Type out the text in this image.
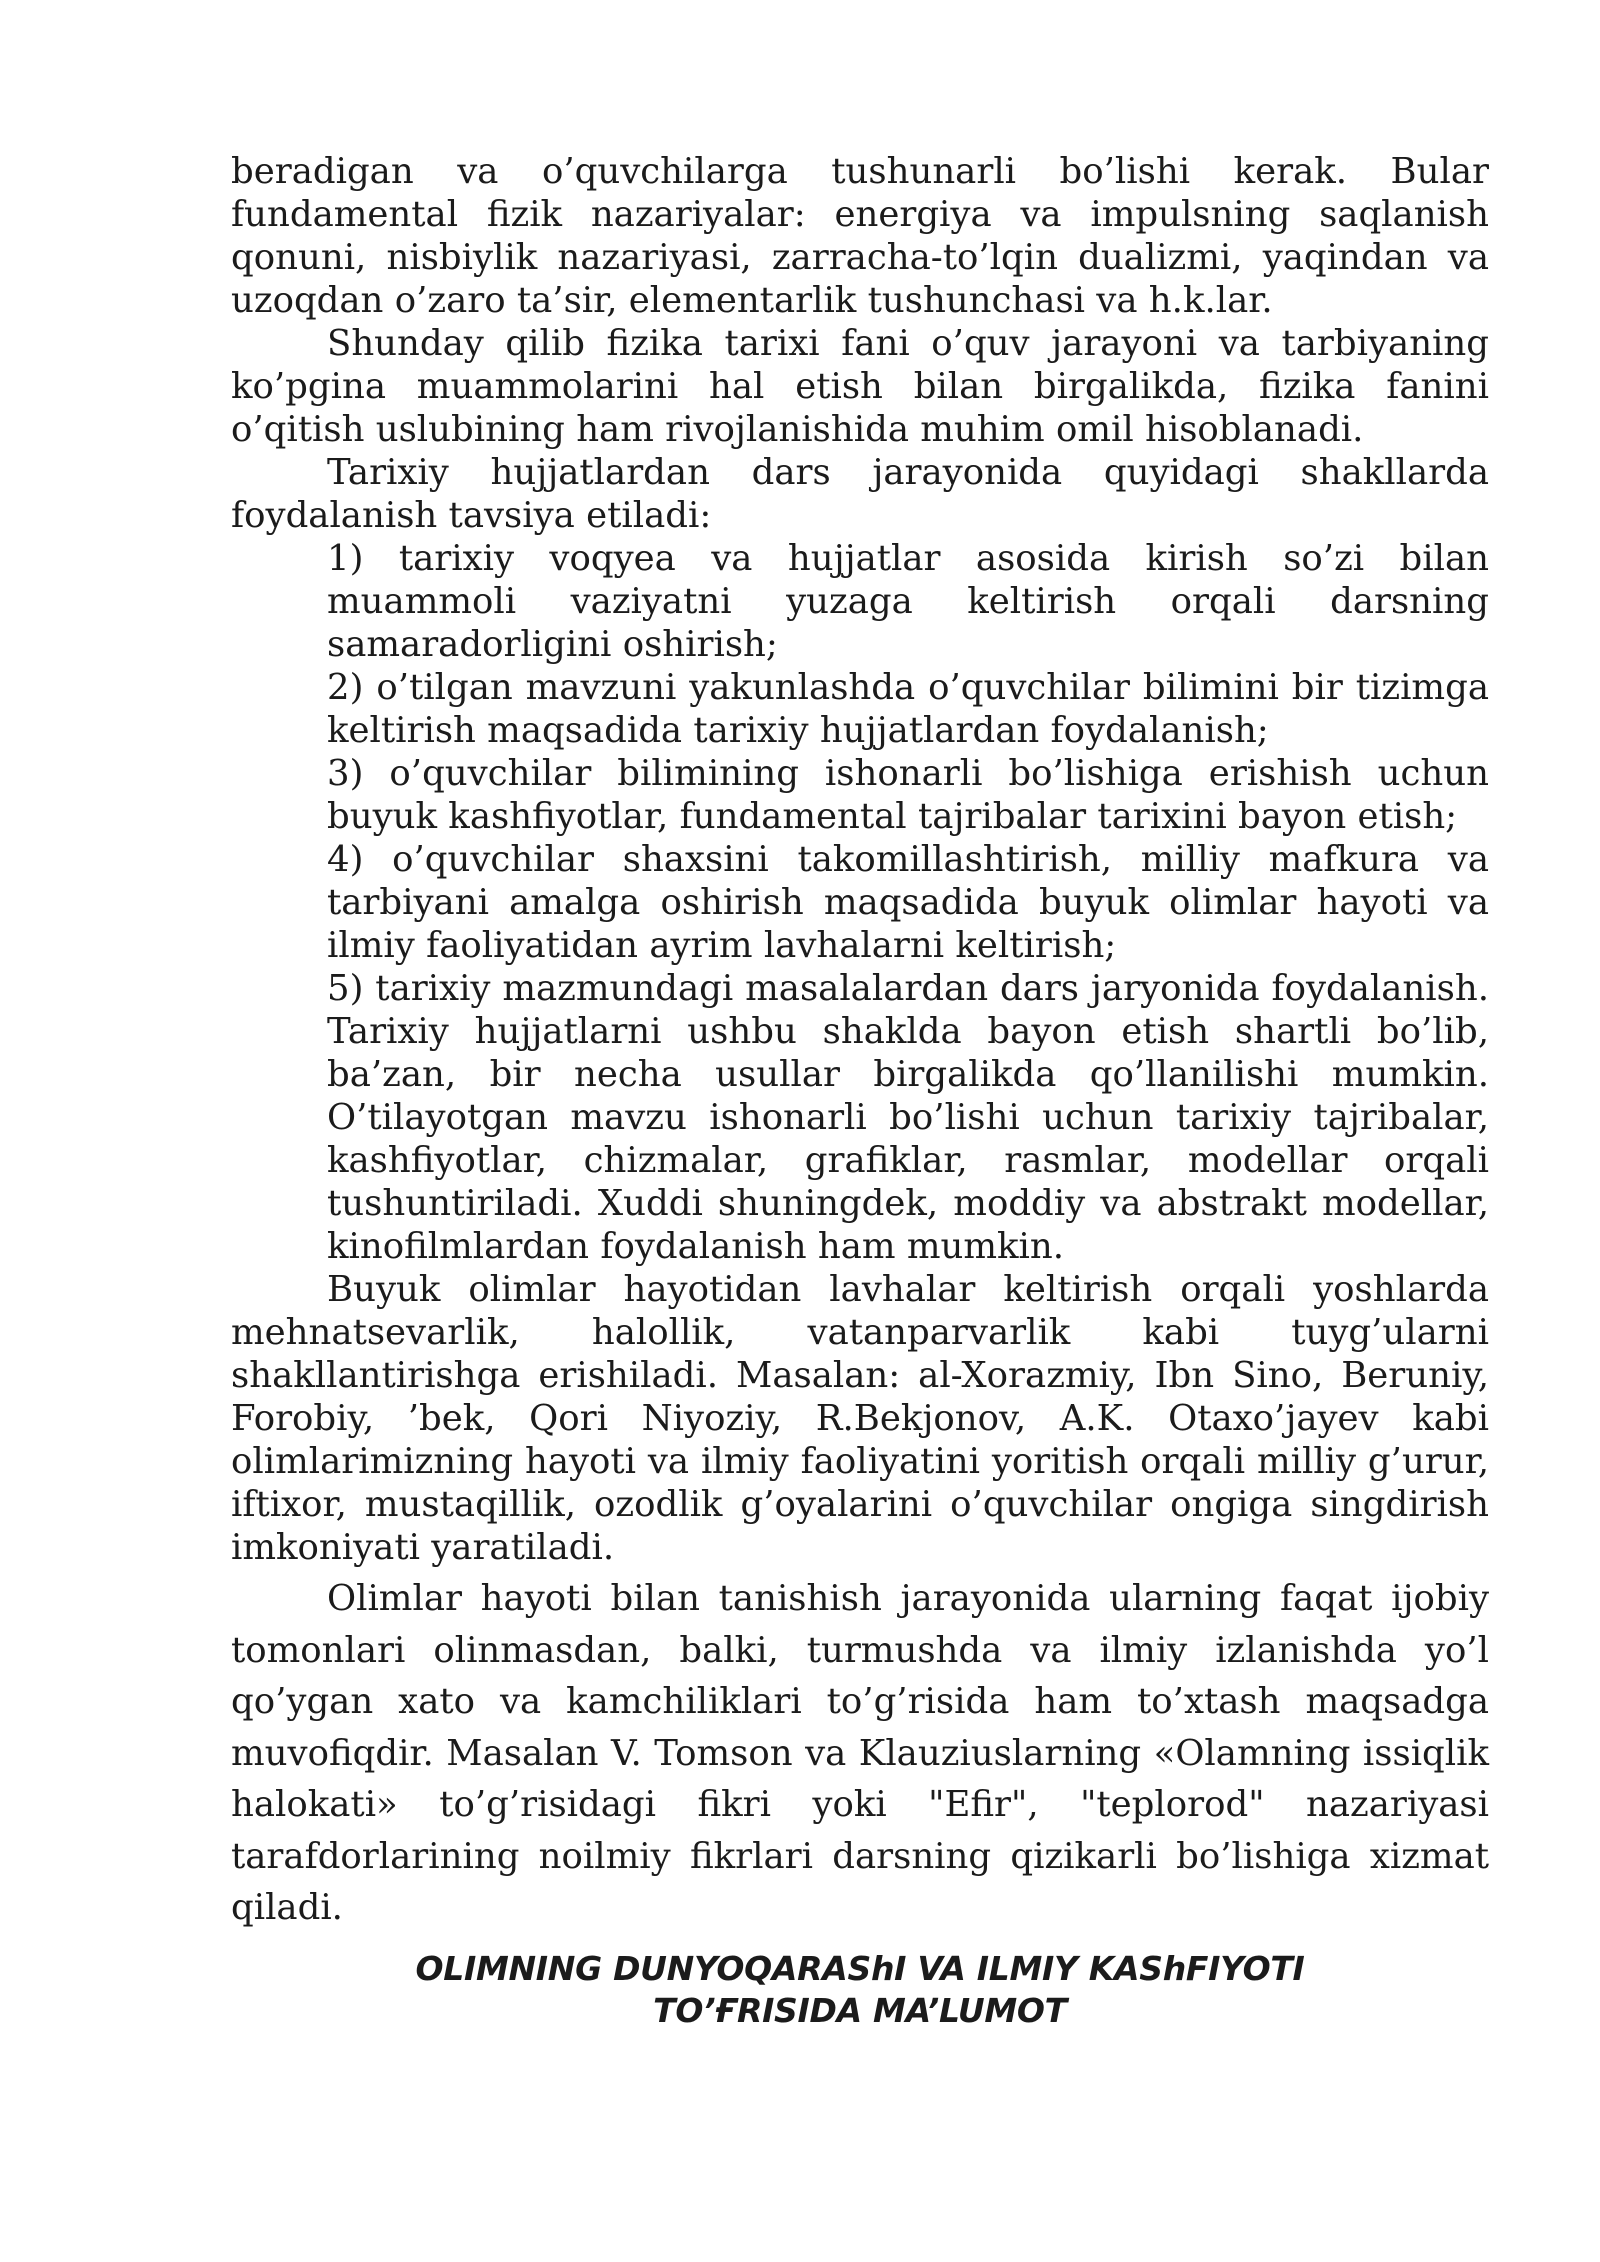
beradigan va o’quvchilarga tushunarli bo’lishi kerak. Bular fundamental fizik nazariyalar: energiya va impulsning saqlanish qonuni, nisbiylik nazariyasi, zarracha-to’lqin dualizmi, yaqindan va uzoqdan o’zaro ta’sir, elementarlik tushunchasi va h.k.lar.

Shunday qilib fizika tarixi fani o’quv jarayoni va tarbiyaning ko’pgina muammolarini hal etish bilan birgalikda, fizika fanini o’qitish uslubining ham rivojlanishida muhim omil hisoblanadi.

Tarixiy hujjatlardan dars jarayonida quyidagi shakllarda foydalanish tavsiya etiladi:

1) tarixiy voqyea va hujjatlar asosida kirish so’zi bilan muammoli vaziyatni yuzaga keltirish orqali darsning samaradorligini oshirish;

2) o’tilgan mavzuni yakunlashda o’quvchilar bilimini bir tizimga keltirish maqsadida tarixiy hujjatlardan foydalanish;

3) o’quvchilar bilimining ishonarli bo’lishiga erishish uchun buyuk kashfiyotlar, fundamental tajribalar tarixini bayon etish;

4) o’quvchilar shaxsini takomillashtirish, milliy mafkura va tarbiyani amalga oshirish maqsadida buyuk olimlar hayoti va ilmiy faoliyatidan ayrim lavhalarni keltirish;

5) tarixiy mazmundagi masalalardan dars jaryonida foydalanish. Tarixiy hujjatlarni ushbu shaklda bayon etish shartli bo’lib, ba’zan, bir necha usullar birgalikda qo’llanilishi mumkin. O’tilayotgan mavzu ishonarli bo’lishi uchun tarixiy tajribalar, kashfiyotlar, chizmalar, grafiklar, rasmlar, modellar orqali tushuntiriladi. Xuddi shuningdek, moddiy va abstrakt modellar, kinofilmlardan foydalanish ham mumkin.

Buyuk olimlar hayotidan lavhalar keltirish orqali yoshlarda mehnatsevarlik, halollik, vatanparvarlik kabi tuyg’ularni shakllantirishga erishiladi. Masalan: al-Xorazmiy, Ibn Sino, Beruniy, Forobiy, ’bek, Qori Niyoziy, R.Bekjonov, A.K. Otaxo’jayev kabi olimlarimizning hayoti va ilmiy faoliyatini yoritish orqali milliy g’urur, iftixor, mustaqillik, ozodlik g’oyalarini o’quvchilar ongiga singdirish imkoniyati yaratiladi.

Olimlar hayoti bilan tanishish jarayonida ularning faqat ijobiy tomonlari olinmasdan, balki, turmushda va ilmiy izlanishda yo’l qo’ygan xato va kamchiliklari to’g’risida ham to’xtash maqsadga muvofiqdir. Masalan V. Tomson va Klauziuslarning «Olamning issiqlik halokati» to’g’risidagi fikri yoki "Efir", "teplorod" nazariyasi tarafdorlarining noilmiy fikrlari darsning qizikarli bo’lishiga xizmat qiladi.

OLIMNING DUNYOQARAShI VA ILMIY KAShFIYOTI
TO’ҒRISIDA MA’LUMOT
